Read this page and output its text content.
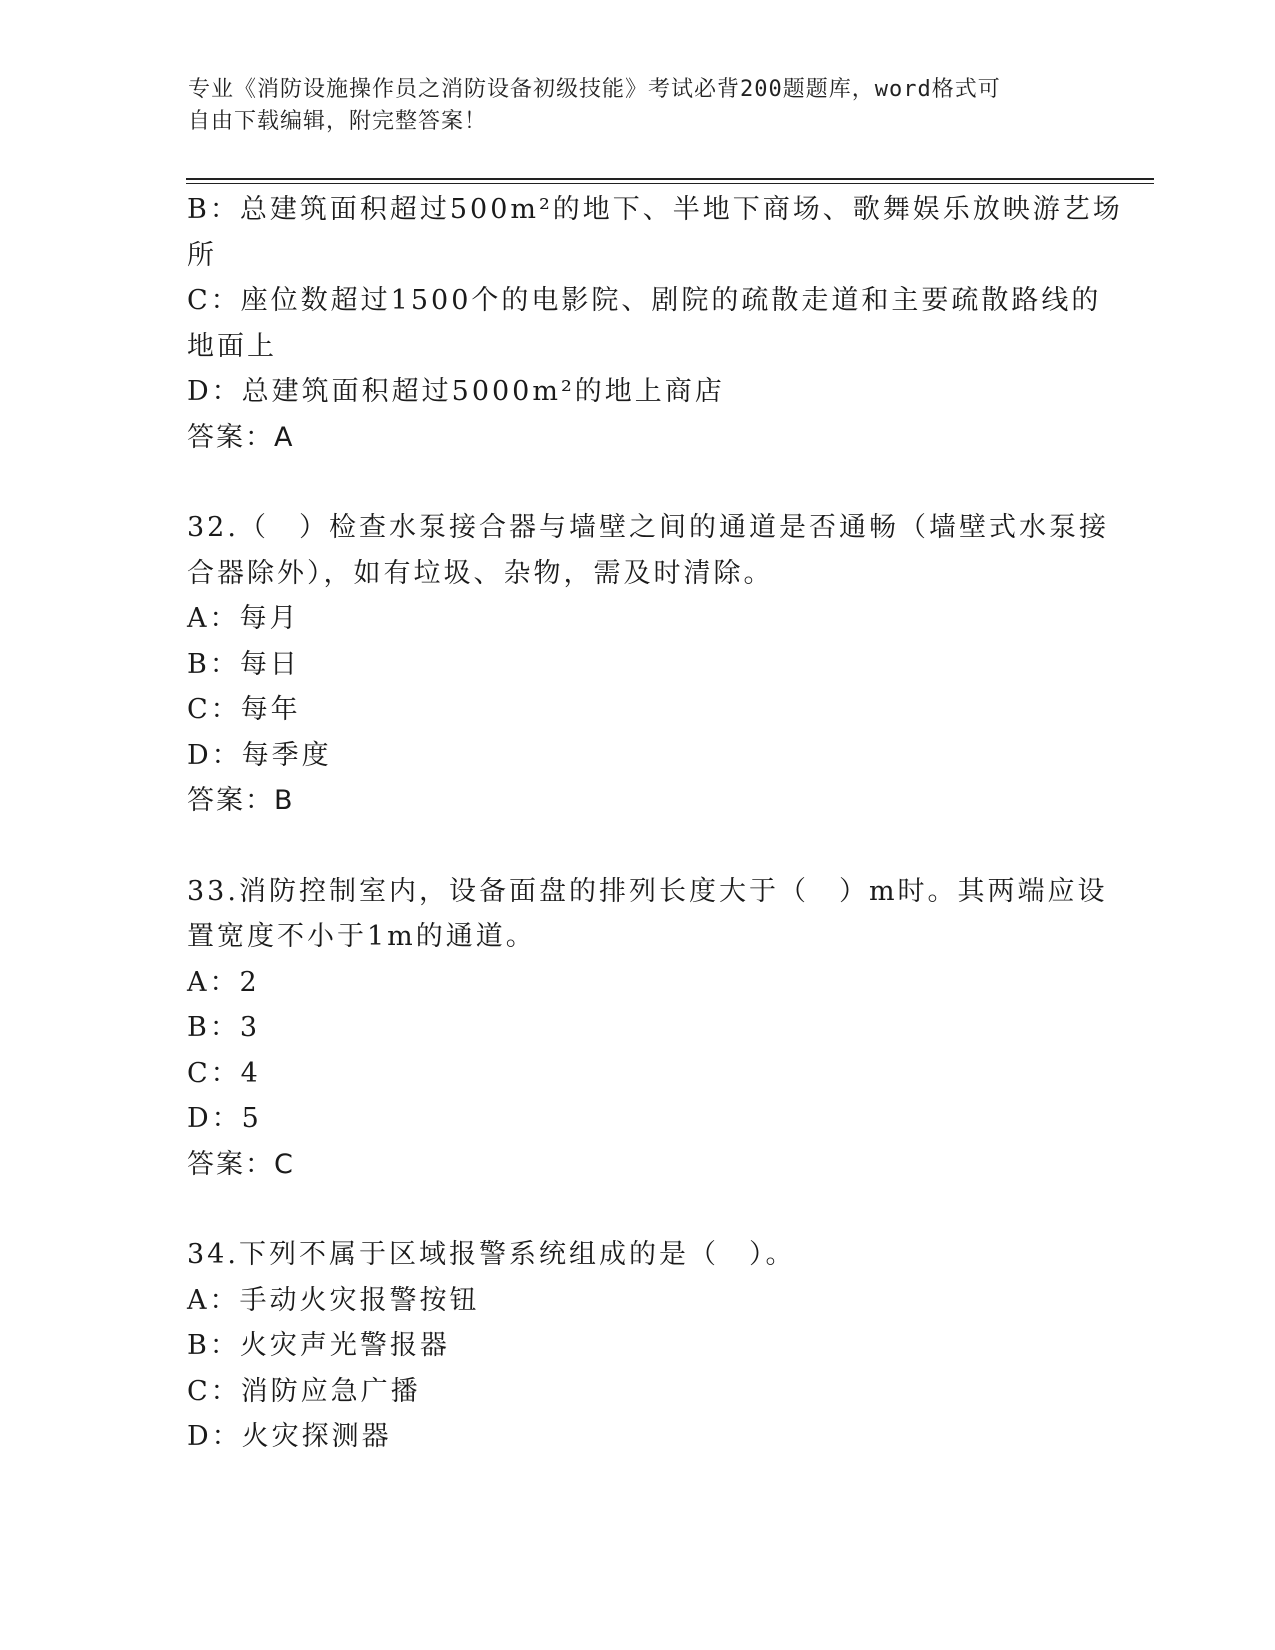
专业《消防设施操作员之消防设备初级技能》考试必背200题题库，word格式可
自由下载编辑，附完整答案！

B：总建筑面积超过500m²的地下、半地下商场、歌舞娱乐放映游艺场

所

C：座位数超过1500个的电影院、剧院的疏散走道和主要疏散路线的

地面上

D：总建筑面积超过5000m²的地上商店

答案：A

32.（　）检查水泵接合器与墙壁之间的通道是否通畅（墙壁式水泵接

合器除外），如有垃圾、杂物，需及时清除。

A：每月

B：每日

C：每年

D：每季度

答案：B

33.消防控制室内，设备面盘的排列长度大于（　）m时。其两端应设

置宽度不小于1m的通道。

A：2

B：3

C：4

D：5

答案：C

34.下列不属于区域报警系统组成的是（　）。

A：手动火灾报警按钮

B：火灾声光警报器

C：消防应急广播

D：火灾探测器
